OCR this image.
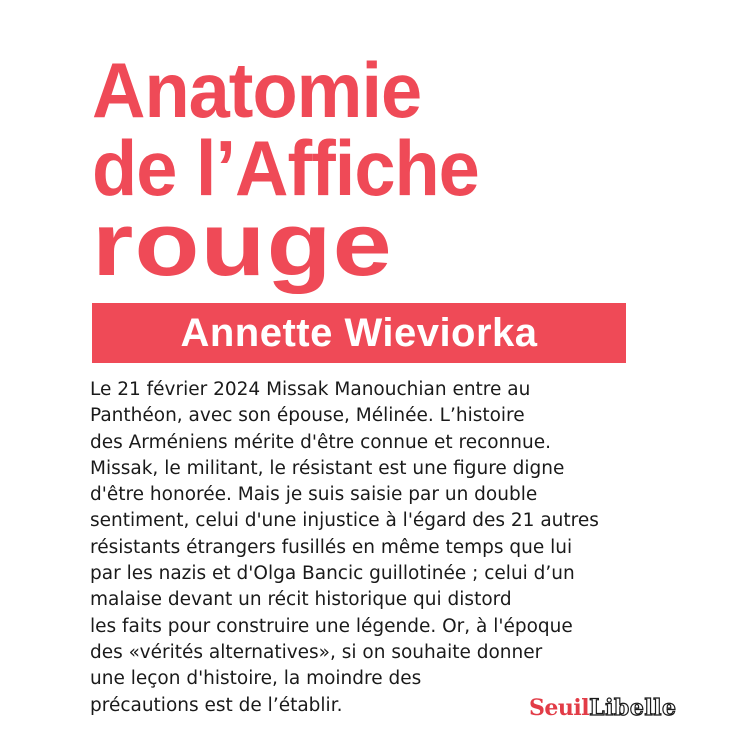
Anatomie
de l’Affiche
rouge
Annette Wieviorka
Le 21 février 2024 Missak Manouchian entre au
Panthéon, avec son épouse, Mélinée. L’histoire
des Arméniens mérite d'être connue et reconnue.
Missak, le militant, le résistant est une figure digne
d'être honorée. Mais je suis saisie par un double
sentiment, celui d'une injustice à l'égard des 21 autres
résistants étrangers fusillés en même temps que lui
par les nazis et d'Olga Bancic guillotinée ; celui d’un
malaise devant un récit historique qui distord
les faits pour construire une légende. Or, à l'époque
des «vérités alternatives», si on souhaite donner
une leçon d'histoire, la moindre des
précautions est de l’établir.	Seuil Libelle
